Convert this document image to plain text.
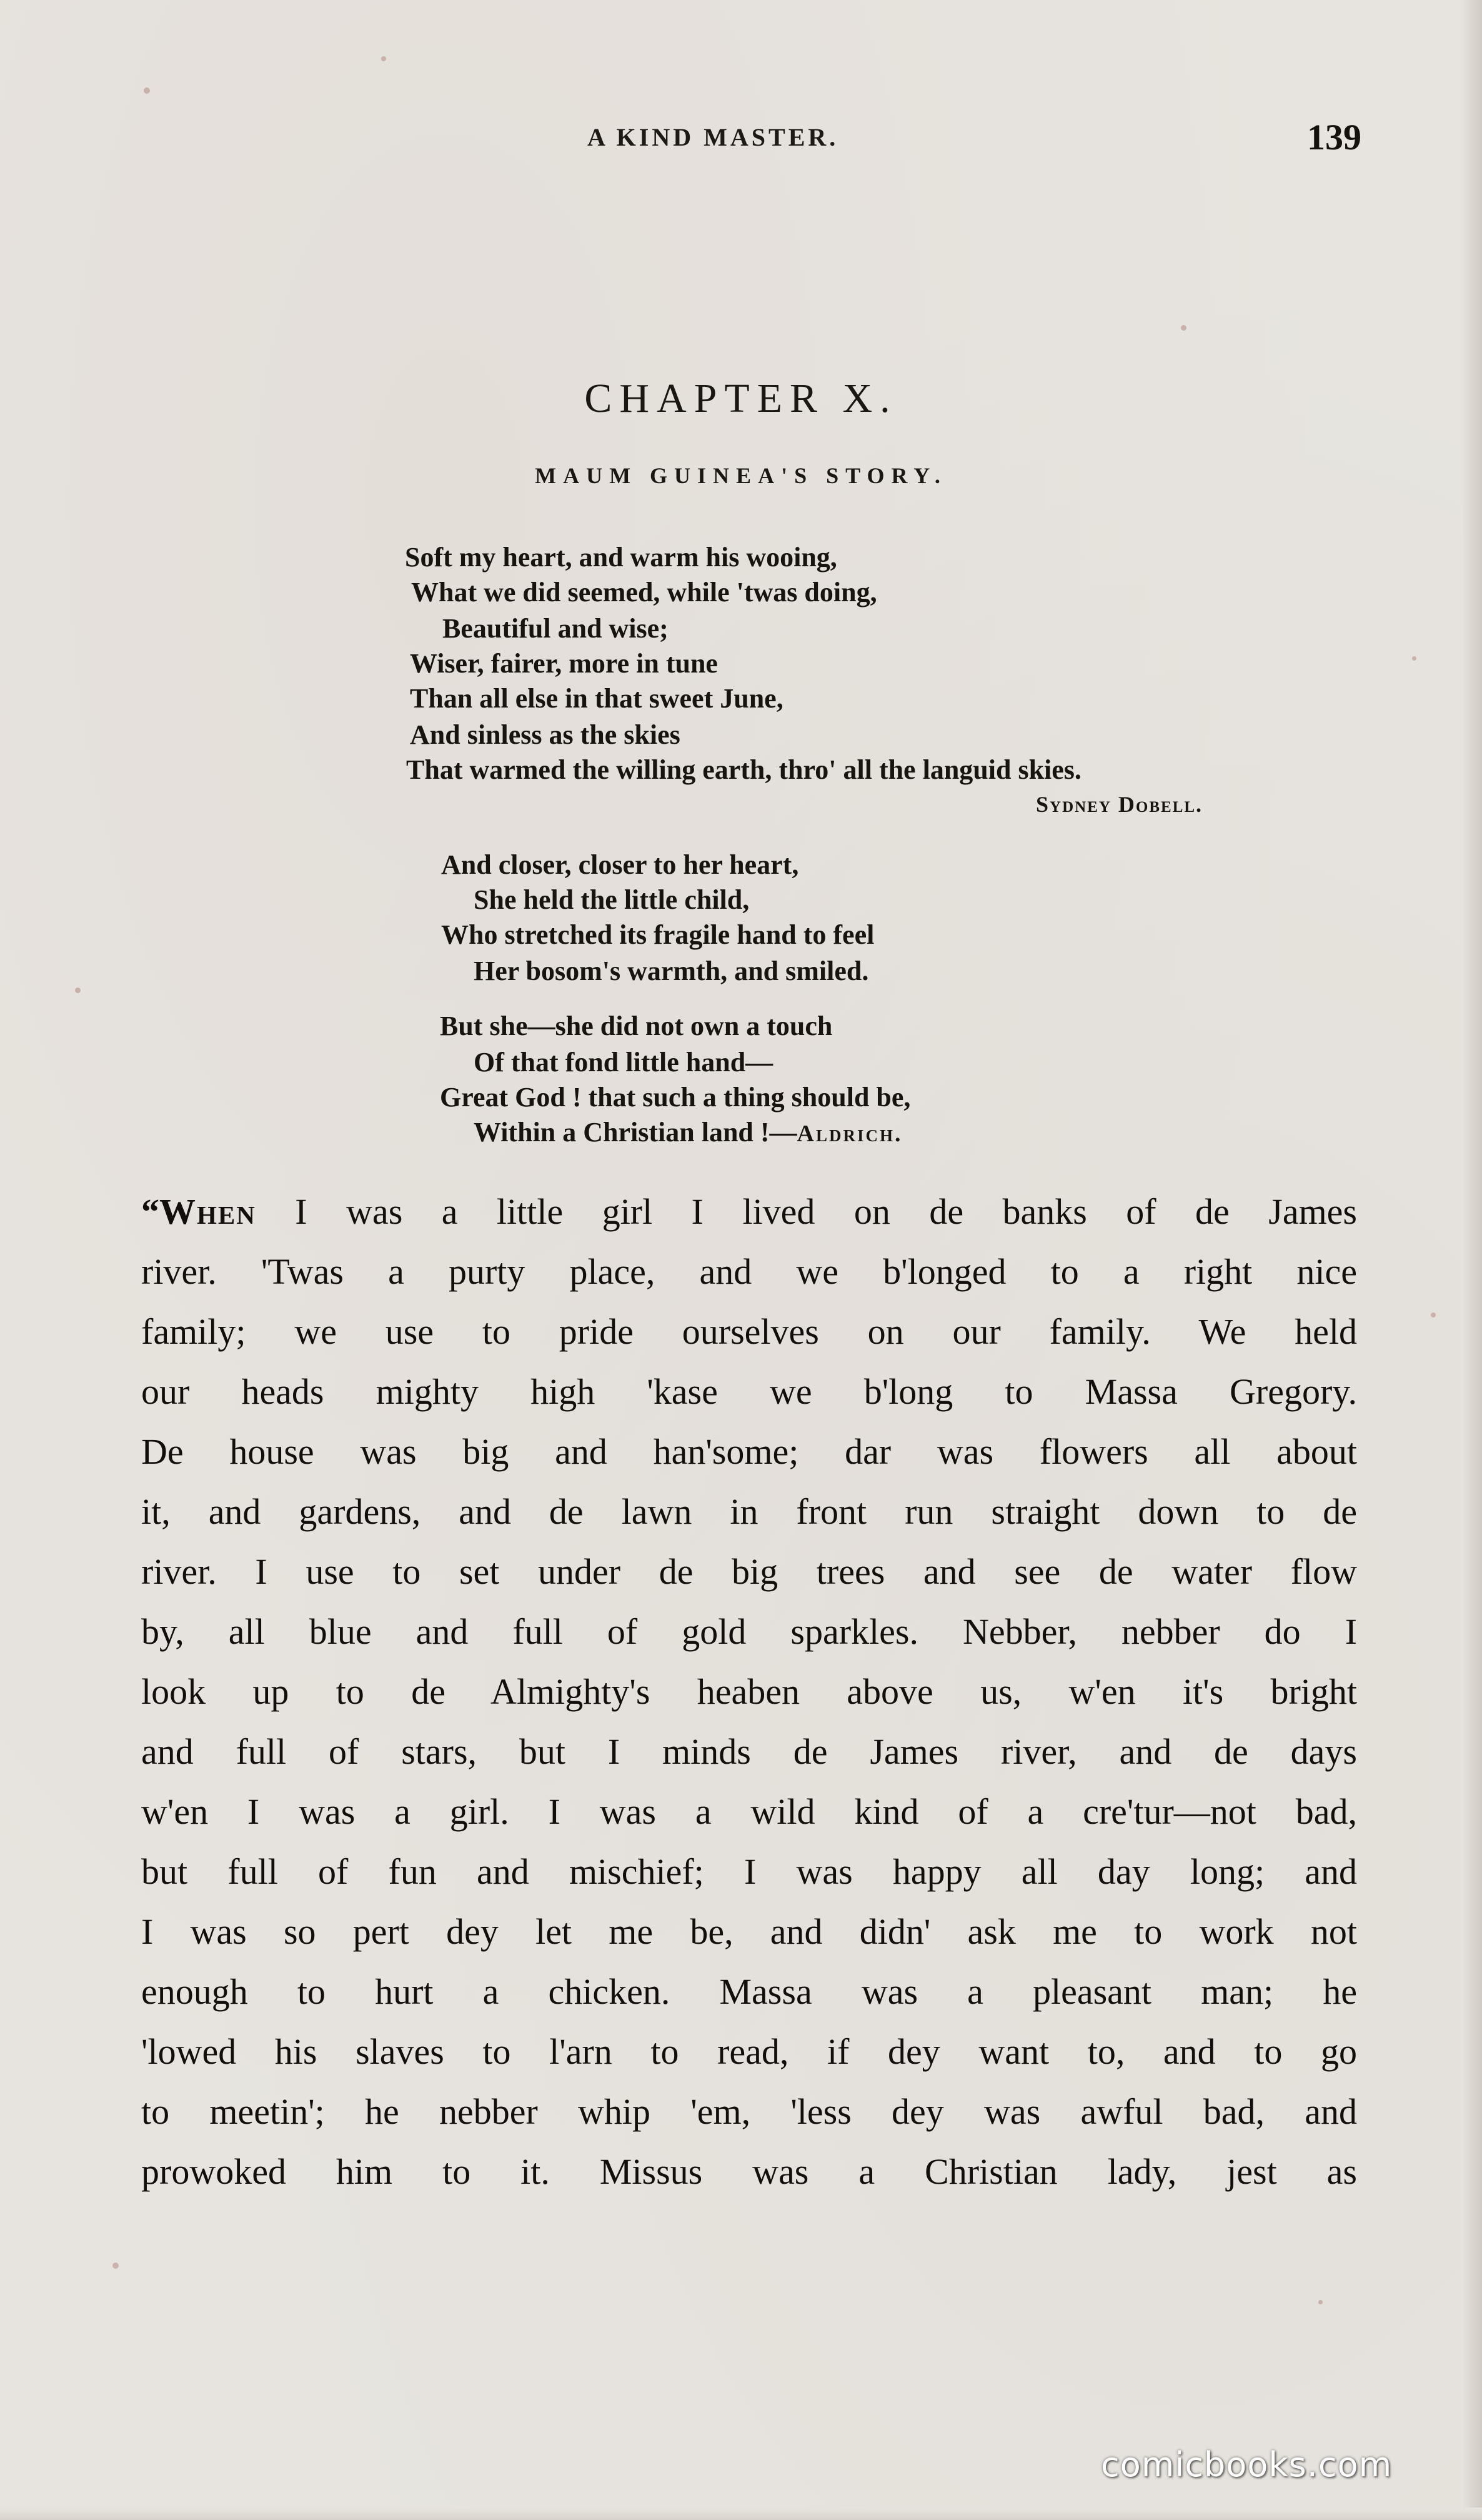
A KIND MASTER.	139
CHAPTER X.
MAUM GUINEA'S STORY.
Soft my heart, and warm his wooing,
What we did seemed, while 'twas doing,
Beautiful and wise;
Wiser, fairer, more in tune
Than all else in that sweet June,
And sinless as the skies
That warmed the willing earth, thro' all the languid skies.
Sydney Dobell.
And closer, closer to her heart,
She held the little child,
Who stretched its fragile hand to feel
Her bosom's warmth, and smiled.
But she—she did not own a touch
Of that fond little hand—
Great God ! that such a thing should be,
Within a Christian land !—Aldrich.
“When I was a little girl I lived on de banks of de James
river. 'Twas a purty place, and we b'longed to a right nice
family; we use to pride ourselves on our family. We held
our heads mighty high 'kase we b'long to Massa Gregory.
De house was big and han'some; dar was flowers all about
it, and gardens, and de lawn in front run straight down to de
river. I use to set under de big trees and see de water flow
by, all blue and full of gold sparkles. Nebber, nebber do I
look up to de Almighty's heaben above us, w'en it's bright
and full of stars, but I minds de James river, and de days
w'en I was a girl. I was a wild kind of a cre'tur—not bad,
but full of fun and mischief; I was happy all day long; and
I was so pert dey let me be, and didn' ask me to work not
enough to hurt a chicken. Massa was a pleasant man; he
'lowed his slaves to l'arn to read, if dey want to, and to go
to meetin'; he nebber whip 'em, 'less dey was awful bad, and
prowoked him to it. Missus was a Christian lady, jest as
comicbooks.com
